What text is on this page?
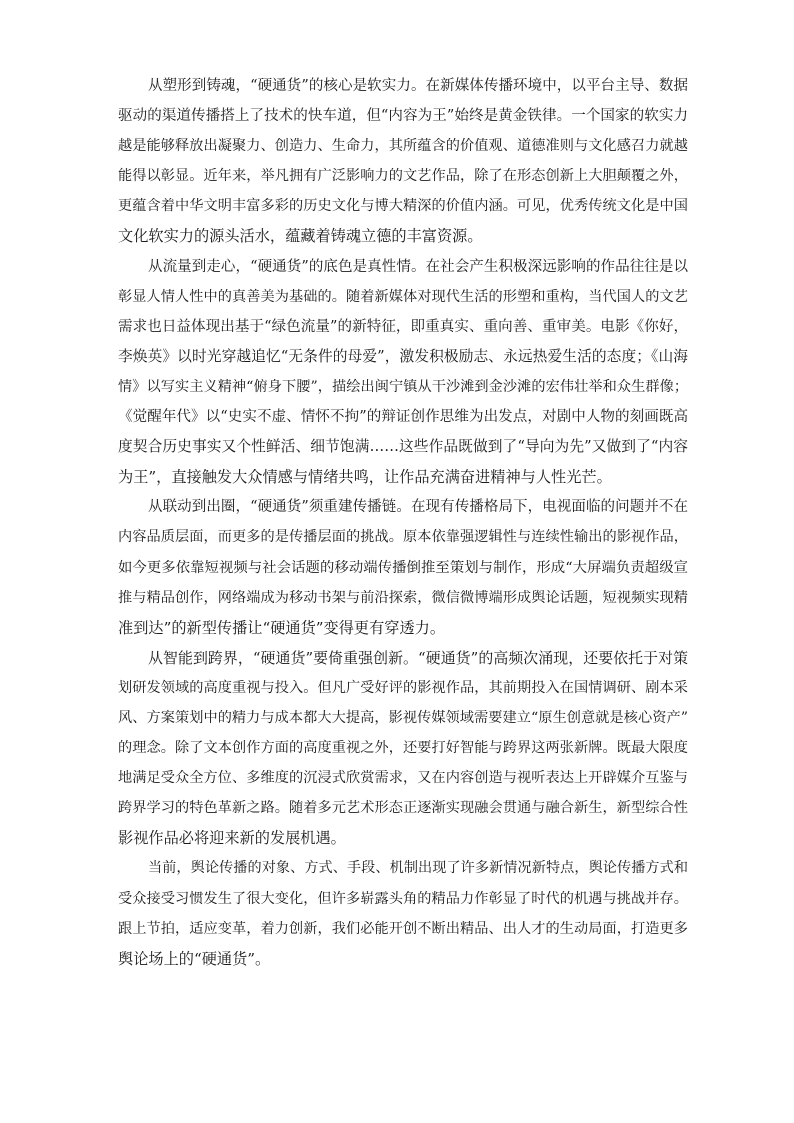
从塑形到铸魂，“硬通货”的核心是软实力。在新媒体传播环境中，以平台主导、数据
驱动的渠道传播搭上了技术的快车道，但“内容为王”始终是黄金铁律。一个国家的软实力
越是能够释放出凝聚力、创造力、生命力，其所蕴含的价值观、道德准则与文化感召力就越
能得以彰显。近年来，举凡拥有广泛影响力的文艺作品，除了在形态创新上大胆颠覆之外，
更蕴含着中华文明丰富多彩的历史文化与博大精深的价值内涵。可见，优秀传统文化是中国
文化软实力的源头活水，蕴藏着铸魂立德的丰富资源。
从流量到走心，“硬通货”的底色是真性情。在社会产生积极深远影响的作品往往是以
彰显人情人性中的真善美为基础的。随着新媒体对现代生活的形塑和重构，当代国人的文艺
需求也日益体现出基于“绿色流量”的新特征，即重真实、重向善、重审美。电影《你好，
李焕英》以时光穿越追忆“无条件的母爱”，激发积极励志、永远热爱生活的态度；《山海
情》以写实主义精神“俯身下腰”，描绘出闽宁镇从干沙滩到金沙滩的宏伟壮举和众生群像；
《觉醒年代》以“史实不虚、情怀不拘”的辩证创作思维为出发点，对剧中人物的刻画既高
度契合历史事实又个性鲜活、细节饱满……这些作品既做到了“导向为先”又做到了“内容
为王”，直接触发大众情感与情绪共鸣，让作品充满奋进精神与人性光芒。
从联动到出圈，“硬通货”须重建传播链。在现有传播格局下，电视面临的问题并不在
内容品质层面，而更多的是传播层面的挑战。原本依靠强逻辑性与连续性输出的影视作品，
如今更多依靠短视频与社会话题的移动端传播倒推至策划与制作，形成“大屏端负责超级宣
推与精品创作，网络端成为移动书架与前沿探索，微信微博端形成舆论话题，短视频实现精
准到达”的新型传播让“硬通货”变得更有穿透力。
从智能到跨界，“硬通货”要倚重强创新。“硬通货”的高频次涌现，还要依托于对策
划研发领域的高度重视与投入。但凡广受好评的影视作品，其前期投入在国情调研、剧本采
风、方案策划中的精力与成本都大大提高，影视传媒领域需要建立“原生创意就是核心资产”
的理念。除了文本创作方面的高度重视之外，还要打好智能与跨界这两张新牌。既最大限度
地满足受众全方位、多维度的沉浸式欣赏需求，又在内容创造与视听表达上开辟媒介互鉴与
跨界学习的特色革新之路。随着多元艺术形态正逐渐实现融会贯通与融合新生，新型综合性
影视作品必将迎来新的发展机遇。
当前，舆论传播的对象、方式、手段、机制出现了许多新情况新特点，舆论传播方式和
受众接受习惯发生了很大变化，但许多崭露头角的精品力作彰显了时代的机遇与挑战并存。
跟上节拍，适应变革，着力创新，我们必能开创不断出精品、出人才的生动局面，打造更多
舆论场上的“硬通货”。
